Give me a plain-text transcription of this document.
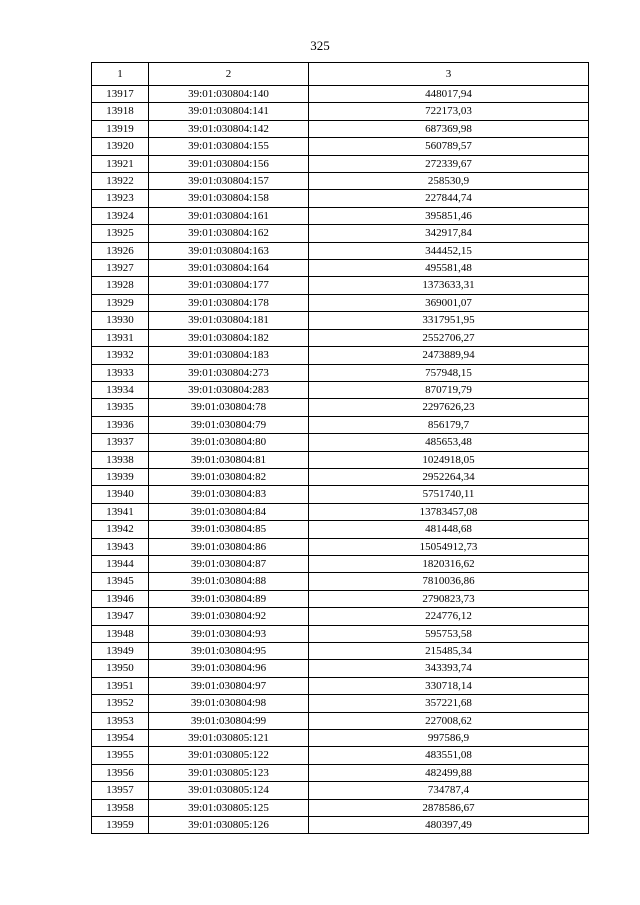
325
1	2	3
13917	39:01:030804:140	448017,94
13918	39:01:030804:141	722173,03
13919	39:01:030804:142	687369,98
13920	39:01:030804:155	560789,57
13921	39:01:030804:156	272339,67
13922	39:01:030804:157	258530,9
13923	39:01:030804:158	227844,74
13924	39:01:030804:161	395851,46
13925	39:01:030804:162	342917,84
13926	39:01:030804:163	344452,15
13927	39:01:030804:164	495581,48
13928	39:01:030804:177	1373633,31
13929	39:01:030804:178	369001,07
13930	39:01:030804:181	3317951,95
13931	39:01:030804:182	2552706,27
13932	39:01:030804:183	2473889,94
13933	39:01:030804:273	757948,15
13934	39:01:030804:283	870719,79
13935	39:01:030804:78	2297626,23
13936	39:01:030804:79	856179,7
13937	39:01:030804:80	485653,48
13938	39:01:030804:81	1024918,05
13939	39:01:030804:82	2952264,34
13940	39:01:030804:83	5751740,11
13941	39:01:030804:84	13783457,08
13942	39:01:030804:85	481448,68
13943	39:01:030804:86	15054912,73
13944	39:01:030804:87	1820316,62
13945	39:01:030804:88	7810036,86
13946	39:01:030804:89	2790823,73
13947	39:01:030804:92	224776,12
13948	39:01:030804:93	595753,58
13949	39:01:030804:95	215485,34
13950	39:01:030804:96	343393,74
13951	39:01:030804:97	330718,14
13952	39:01:030804:98	357221,68
13953	39:01:030804:99	227008,62
13954	39:01:030805:121	997586,9
13955	39:01:030805:122	483551,08
13956	39:01:030805:123	482499,88
13957	39:01:030805:124	734787,4
13958	39:01:030805:125	2878586,67
13959	39:01:030805:126	480397,49
